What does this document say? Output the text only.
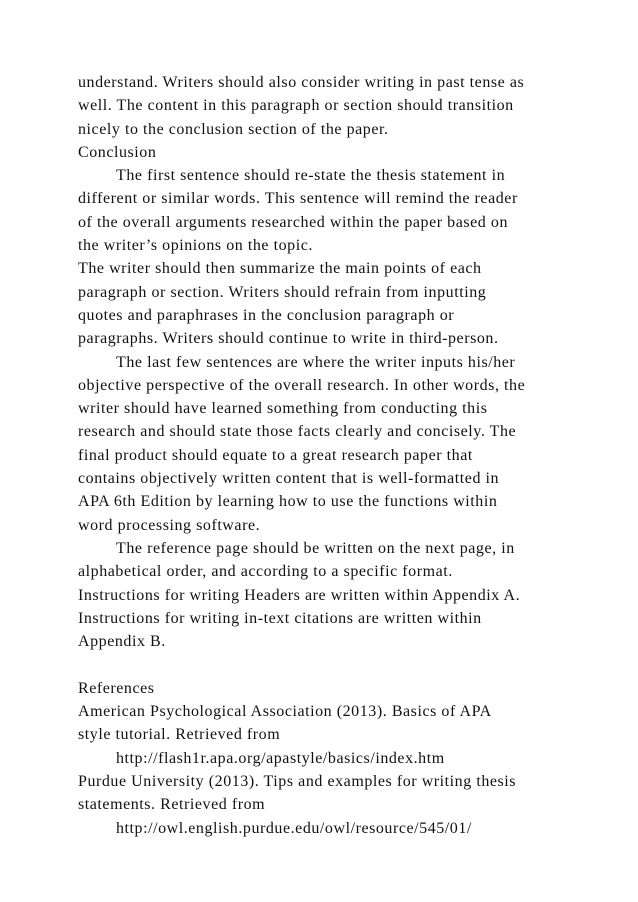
understand. Writers should also consider writing in past tense as
well. The content in this paragraph or section should transition
nicely to the conclusion section of the paper.
Conclusion
The first sentence should re-state the thesis statement in
different or similar words. This sentence will remind the reader
of the overall arguments researched within the paper based on
the writer’s opinions on the topic.
The writer should then summarize the main points of each
paragraph or section. Writers should refrain from inputting
quotes and paraphrases in the conclusion paragraph or
paragraphs. Writers should continue to write in third-person.
The last few sentences are where the writer inputs his/her
objective perspective of the overall research. In other words, the
writer should have learned something from conducting this
research and should state those facts clearly and concisely. The
final product should equate to a great research paper that
contains objectively written content that is well-formatted in
APA 6th Edition by learning how to use the functions within
word processing software.
The reference page should be written on the next page, in
alphabetical order, and according to a specific format.
Instructions for writing Headers are written within Appendix A.
Instructions for writing in-text citations are written within
Appendix B.
References
American Psychological Association (2013). Basics of APA
style tutorial. Retrieved from
http://flash1r.apa.org/apastyle/basics/index.htm
Purdue University (2013). Tips and examples for writing thesis
statements. Retrieved from
http://owl.english.purdue.edu/owl/resource/545/01/
